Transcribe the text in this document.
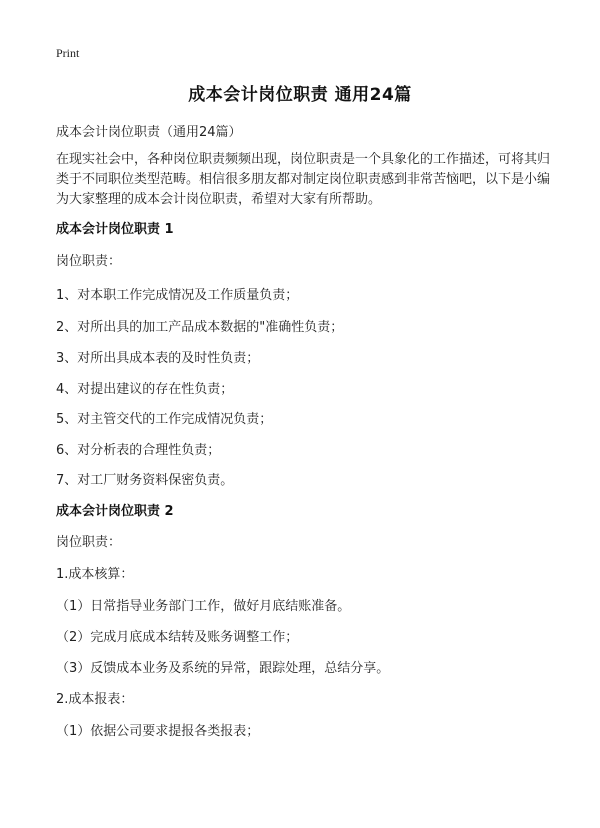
Print
成本会计岗位职责 通用24篇
成本会计岗位职责（通用24篇）

在现实社会中，各种岗位职责频频出现，岗位职责是一个具象化的工作描述，可将其归类于不同职位类型范畴。相信很多朋友都对制定岗位职责感到非常苦恼吧，以下是小编为大家整理的成本会计岗位职责，希望对大家有所帮助。

成本会计岗位职责 1
岗位职责：
1、对本职工作完成情况及工作质量负责；
2、对所出具的加工产品成本数据的"准确性负责；
3、对所出具成本表的及时性负责；
4、对提出建议的存在性负责；
5、对主管交代的工作完成情况负责；
6、对分析表的合理性负责；
7、对工厂财务资料保密负责。
成本会计岗位职责 2
岗位职责：
1.成本核算：
（1）日常指导业务部门工作，做好月底结账准备。
（2）完成月底成本结转及账务调整工作；
（3）反馈成本业务及系统的异常，跟踪处理，总结分享。
2.成本报表：
（1）依据公司要求提报各类报表；
